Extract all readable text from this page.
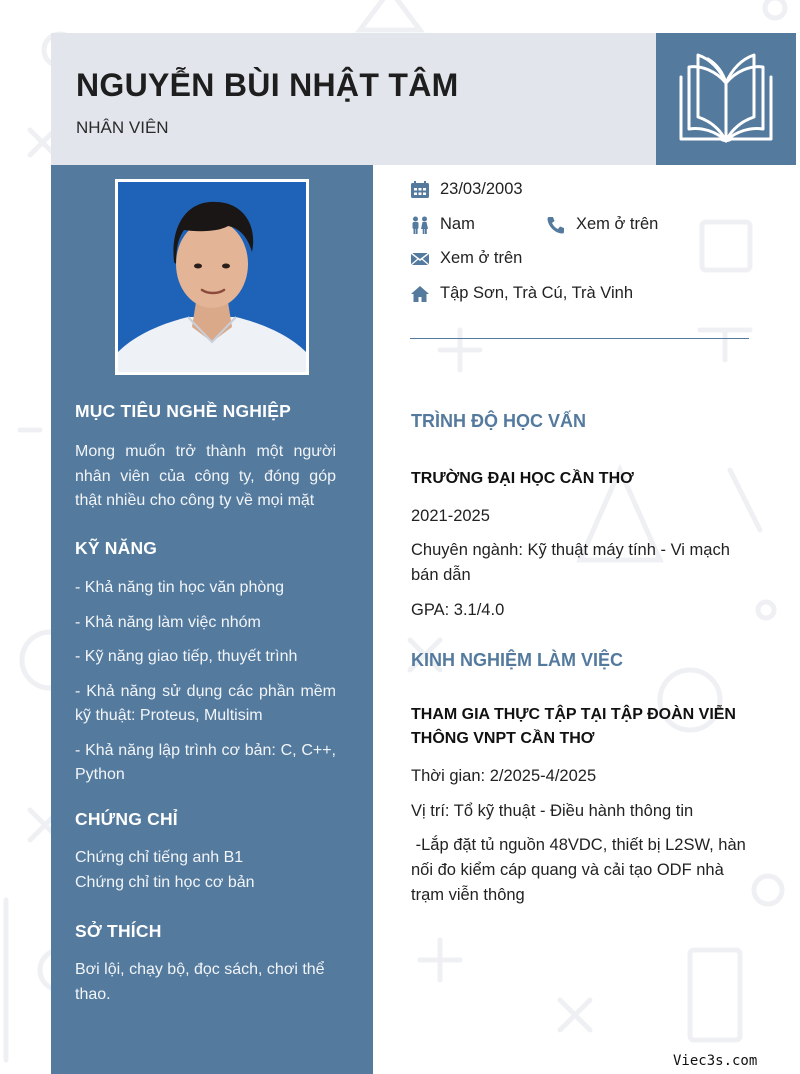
NGUYỄN BÙI NHẬT TÂM
NHÂN VIÊN
MỤC TIÊU NGHỀ NGHIỆP
Mong muốn trở thành một người nhân viên của công ty, đóng góp thật nhiều cho công ty về mọi mặt
KỸ NĂNG
- Khả năng tin học văn phòng
- Khả năng làm việc nhóm
- Kỹ năng giao tiếp, thuyết trình
- Khả năng sử dụng các phần mềm kỹ thuật: Proteus, Multisim
- Khả năng lập trình cơ bản: C, C++, Python
CHỨNG CHỈ
Chứng chỉ tiếng anh B1
Chứng chỉ tin học cơ bản
SỞ THÍCH
Bơi lội, chạy bộ, đọc sách, chơi thể thao.
23/03/2003
Nam	Xem ở trên
Xem ở trên
Tập Sơn, Trà Cú, Trà Vinh
TRÌNH ĐỘ HỌC VẤN
TRƯỜNG ĐẠI HỌC CẦN THƠ
2021-2025
Chuyên ngành: Kỹ thuật máy tính - Vi mạch bán dẫn
GPA: 3.1/4.0
KINH NGHIỆM LÀM VIỆC
THAM GIA THỰC TẬP TẠI TẬP ĐOÀN VIỄN THÔNG VNPT CẦN THƠ
Thời gian: 2/2025-4/2025
Vị trí: Tổ kỹ thuật - Điều hành thông tin
-Lắp đặt tủ nguồn 48VDC, thiết bị L2SW, hàn nối đo kiểm cáp quang và cải tạo ODF nhà trạm viễn thông
Viec3s.com
